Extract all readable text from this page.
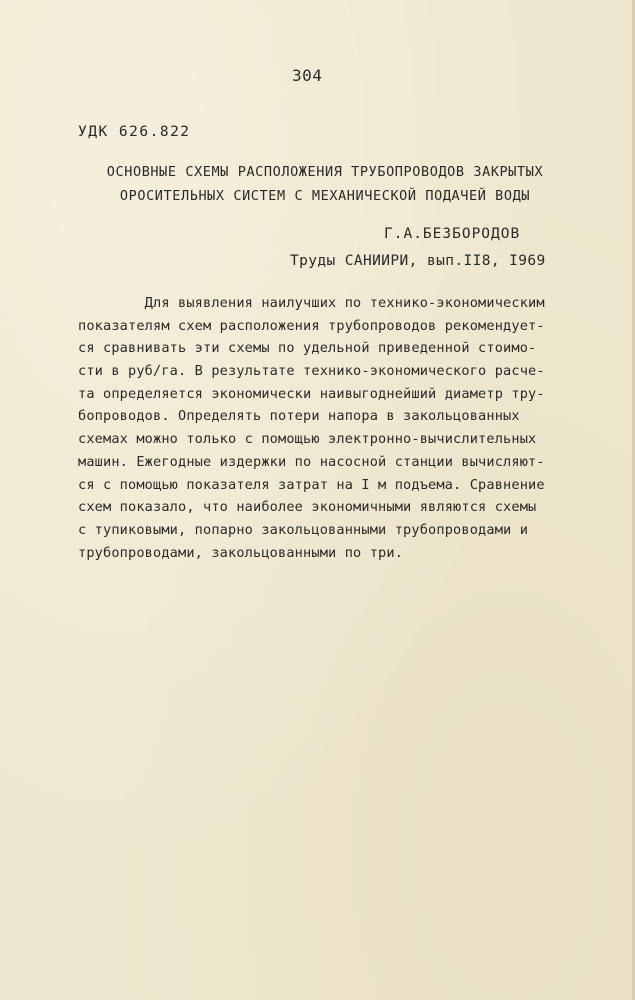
304
УДК 626.822
ОСНОВНЫЕ СХЕМЫ РАСПОЛОЖЕНИЯ ТРУБОПРОВОДОВ ЗАКРЫТЫХ
ОРОСИТЕЛЬНЫХ СИСТЕМ С МЕХАНИЧЕСКОЙ ПОДАЧЕЙ ВОДЫ
Г.А.БЕЗБОРОДОВ
Труды САНИИРИ, вып.II8, I969
Для выявления наилучших по технико-экономическим
показателям схем расположения трубопроводов рекомендует-
ся сравнивать эти схемы по удельной приведенной стоимо-
сти в руб/га. В результате технико-экономического расче-
та определяется экономически наивыгоднейший диаметр тру-
бопроводов. Определять потери напора в закольцованных
схемах можно только с помощью электронно-вычислительных
машин. Ежегодные издержки по насосной станции вычисляют-
ся с помощью показателя затрат на I м подъема. Сравнение
схем показало, что наиболее экономичными являются схемы
с тупиковыми, попарно закольцованными трубопроводами и
трубопроводами, закольцованными по три.
